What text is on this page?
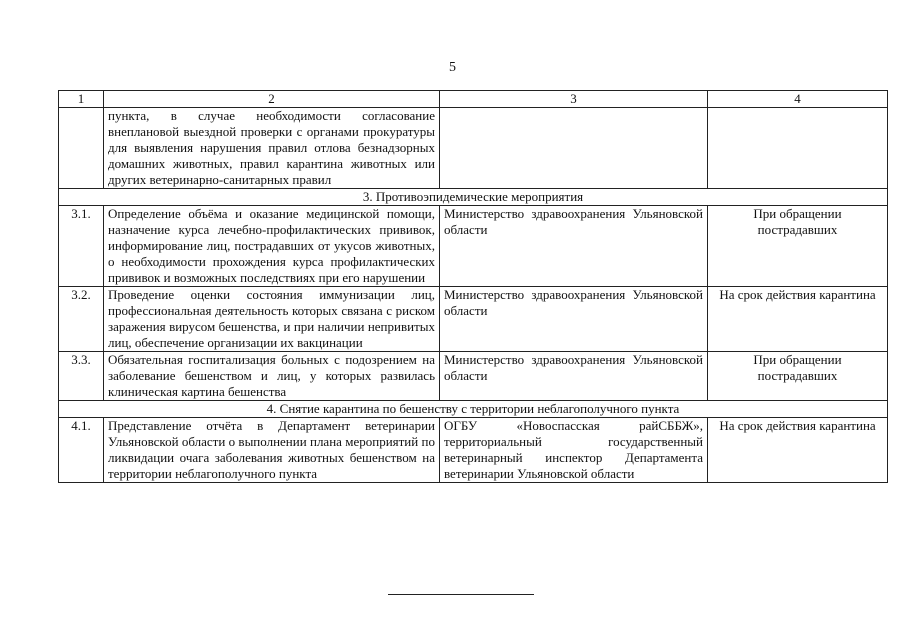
5
1	2	3	4
	пункта, в случае необходимости согласование внеплановой выездной проверки с органами прокуратуры для выявления нарушения правил отлова безнадзорных домашних животных, правил карантина животных или других ветеринарно-санитарных правил		
3. Противоэпидемические мероприятия			
3.1.	Определение объёма и оказание медицинской помощи, назначение курса лечебно-профилактических прививок, информирование лиц, пострадавших от укусов животных, о необходимости прохождения курса профилактических прививок и возможных последствиях при его нарушении	Министерство здравоохранения Ульяновской области	При обращении пострадавших
3.2.	Проведение оценки состояния иммунизации лиц, профессиональная деятельность которых связана с риском заражения вирусом бешенства, и при наличии непривитых лиц, обеспечение организации их вакцинации	Министерство здравоохранения Ульяновской области	На срок действия карантина
3.3.	Обязательная госпитализация больных с подозрением на заболевание бешенством и лиц, у которых развилась клиническая картина бешенства	Министерство здравоохранения Ульяновской области	При обращении пострадавших
4. Снятие карантина по бешенству с территории неблагополучного пункта			
4.1.	Представление отчёта в Департамент ветеринарии Ульяновской области о выполнении плана мероприятий по ликвидации очага заболевания животных бешенством на территории неблагополучного пункта	ОГБУ «Новоспасская райСББЖ», территориальный государственный ветеринарный инспектор Департамента ветеринарии Ульяновской области	На срок действия карантина
